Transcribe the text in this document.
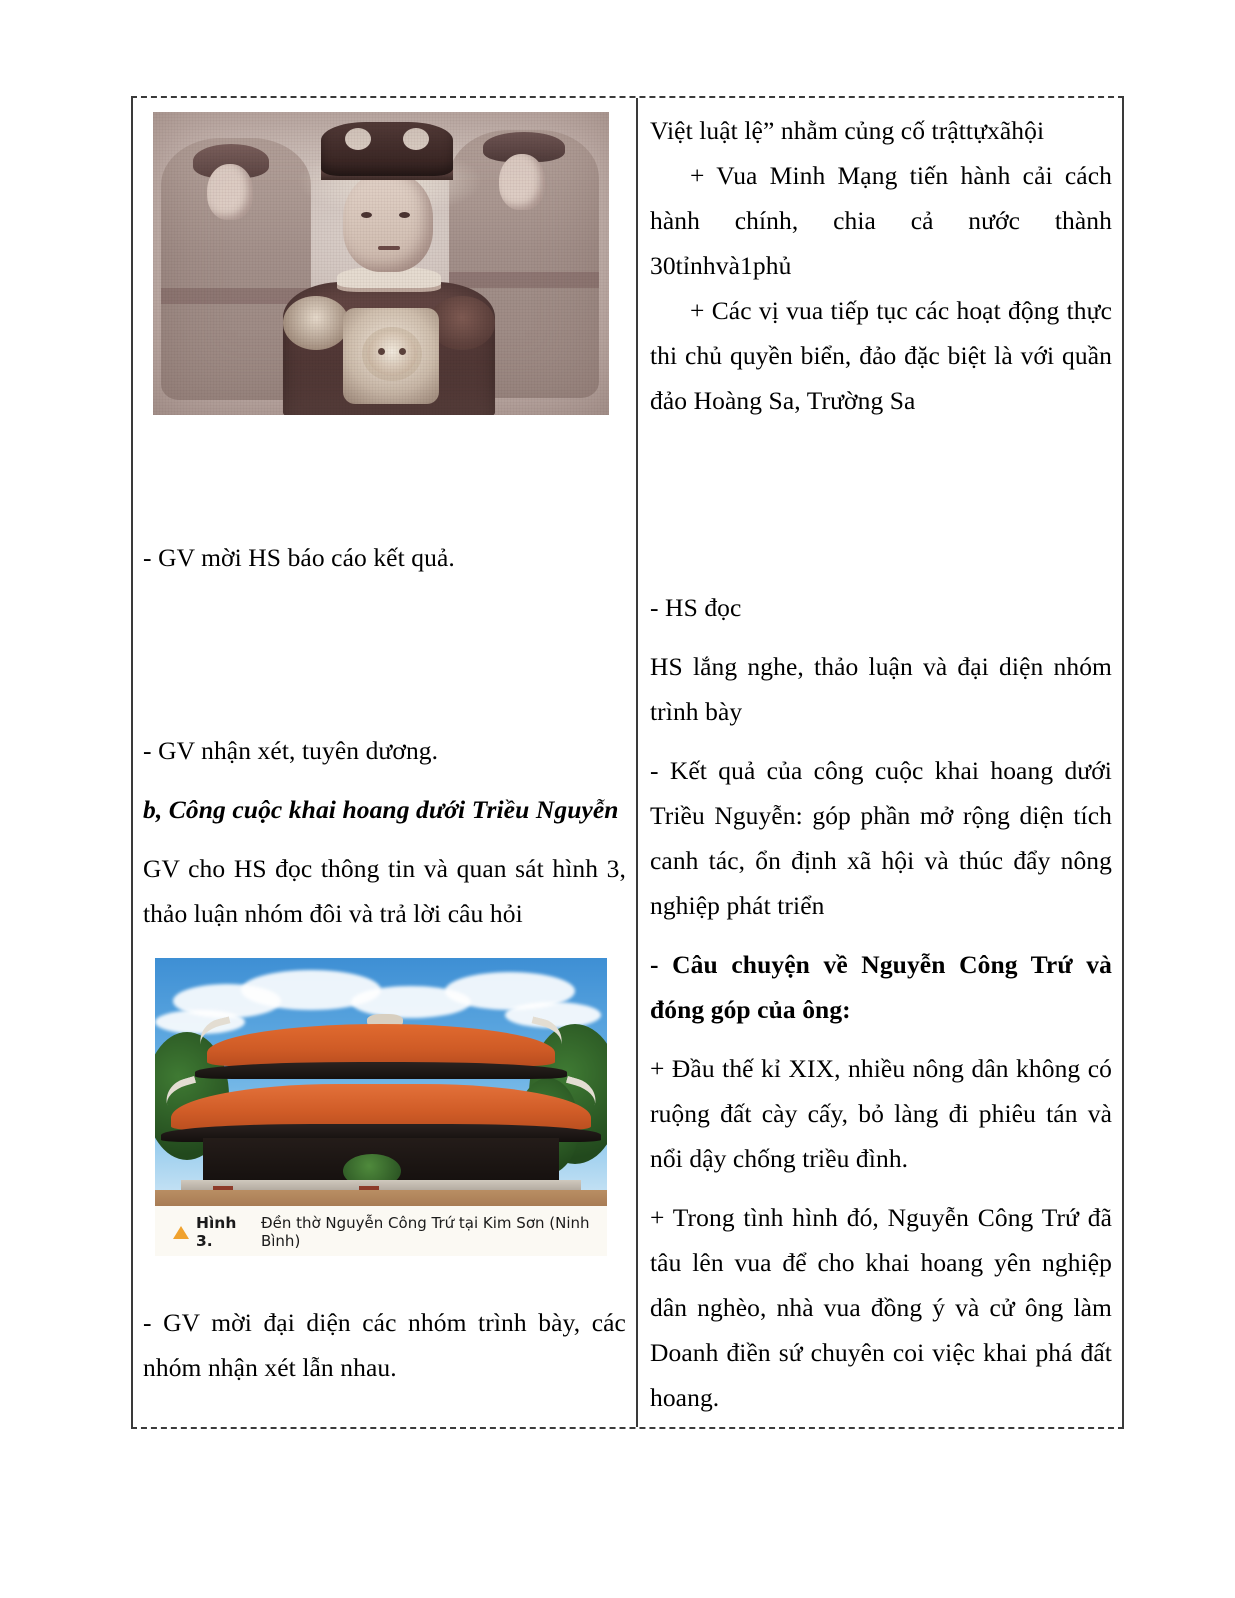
- GV mời HS báo cáo kết quả.

- GV nhận xét, tuyên dương.

b, Công cuộc khai hoang dưới Triều Nguyễn

GV cho HS đọc thông tin và quan sát hình 3, thảo luận nhóm đôi và trả lời câu hỏi

Hình 3.
Đền thờ Nguyễn Công Trứ tại Kim Sơn (Ninh Bình)

- GV mời đại diện các nhóm trình bày, các nhóm nhận xét lẫn nhau.

Việt luật lệ” nhằm củng cố trậttựxãhội

+ Vua Minh Mạng tiến hành cải cách hành chính, chia cả nước thành 30tỉnhvà1phủ

+ Các vị vua tiếp tục các hoạt động thực thi chủ quyền biển, đảo đặc biệt là với quần đảo Hoàng Sa, Trường Sa

- HS đọc

HS lắng nghe, thảo luận và đại diện nhóm trình bày

- Kết quả của công cuộc khai hoang dưới Triều Nguyễn: góp phần mở rộng diện tích canh tác, ổn định xã hội và thúc đẩy nông nghiệp phát triển

- Câu chuyện về Nguyễn Công Trứ và đóng góp của ông:

+ Đầu thế kỉ XIX, nhiều nông dân không có ruộng đất cày cấy, bỏ làng đi phiêu tán và nổi dậy chống triều đình.

+ Trong tình hình đó, Nguyễn Công Trứ đã tâu lên vua để cho khai hoang yên nghiệp dân nghèo, nhà vua đồng ý và cử ông làm Doanh điền sứ chuyên coi việc khai phá đất hoang.
